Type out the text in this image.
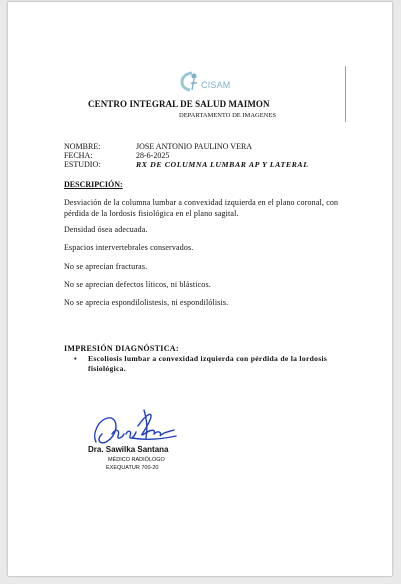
CISAM
CENTRO INTEGRAL DE SALUD MAIMON
DEPARTAMENTO DE IMAGENES
NOMBRE:	JOSE ANTONIO PAULINO VERA
FECHA:	28-6-2025
ESTUDIO:	RX DE COLUMNA LUMBAR AP Y LATERAL
DESCRIPCIÓN:
Desviación de la columna lumbar a convexidad izquierda en el plano coronal, con pérdida de la lordosis fisiológica en el plano sagital.
Densidad ósea adecuada.
Espacios intervertebrales conservados.
No se aprecian fracturas.
No se aprecian defectos líticos, ni blásticos.
No se aprecia espondilolistesis, ni espondilólisis.
IMPRESIÓN DIAGNÓSTICA:
• Escoliosis lumbar a convexidad izquierda con pérdida de la lordosis fisiológica.
Dra. Sawilka Santana
MÉDICO RADIÓLOGO
EXEQUATUR 700-20
